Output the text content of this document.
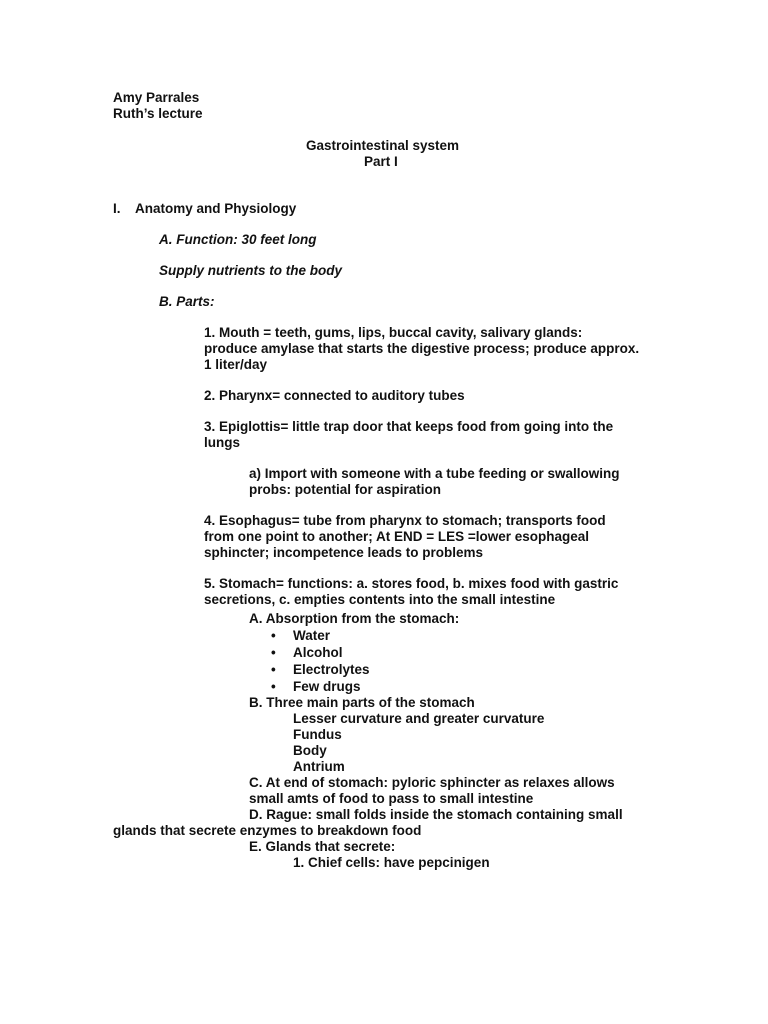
Amy Parrales
Ruth’s lecture
Gastrointestinal system
Part I
I. Anatomy and Physiology
A. Function: 30 feet long
Supply nutrients to the body
B. Parts:
1. Mouth = teeth, gums, lips, buccal cavity, salivary glands:
produce amylase that starts the digestive process; produce approx.
1 liter/day
2. Pharynx= connected to auditory tubes
3. Epiglottis= little trap door that keeps food from going into the
lungs
a) Import with someone with a tube feeding or swallowing
probs: potential for aspiration
4. Esophagus= tube from pharynx to stomach; transports food
from one point to another; At END = LES =lower esophageal
sphincter; incompetence leads to problems
5. Stomach= functions: a. stores food, b. mixes food with gastric
secretions, c. empties contents into the small intestine
A. Absorption from the stomach:
• Water
• Alcohol
• Electrolytes
• Few drugs
B. Three main parts of the stomach
Lesser curvature and greater curvature
Fundus
Body
Antrium
C. At end of stomach: pyloric sphincter as relaxes allows
small amts of food to pass to small intestine
D. Rague: small folds inside the stomach containing small
glands that secrete enzymes to breakdown food
E. Glands that secrete:
1. Chief cells: have pepcinigen
